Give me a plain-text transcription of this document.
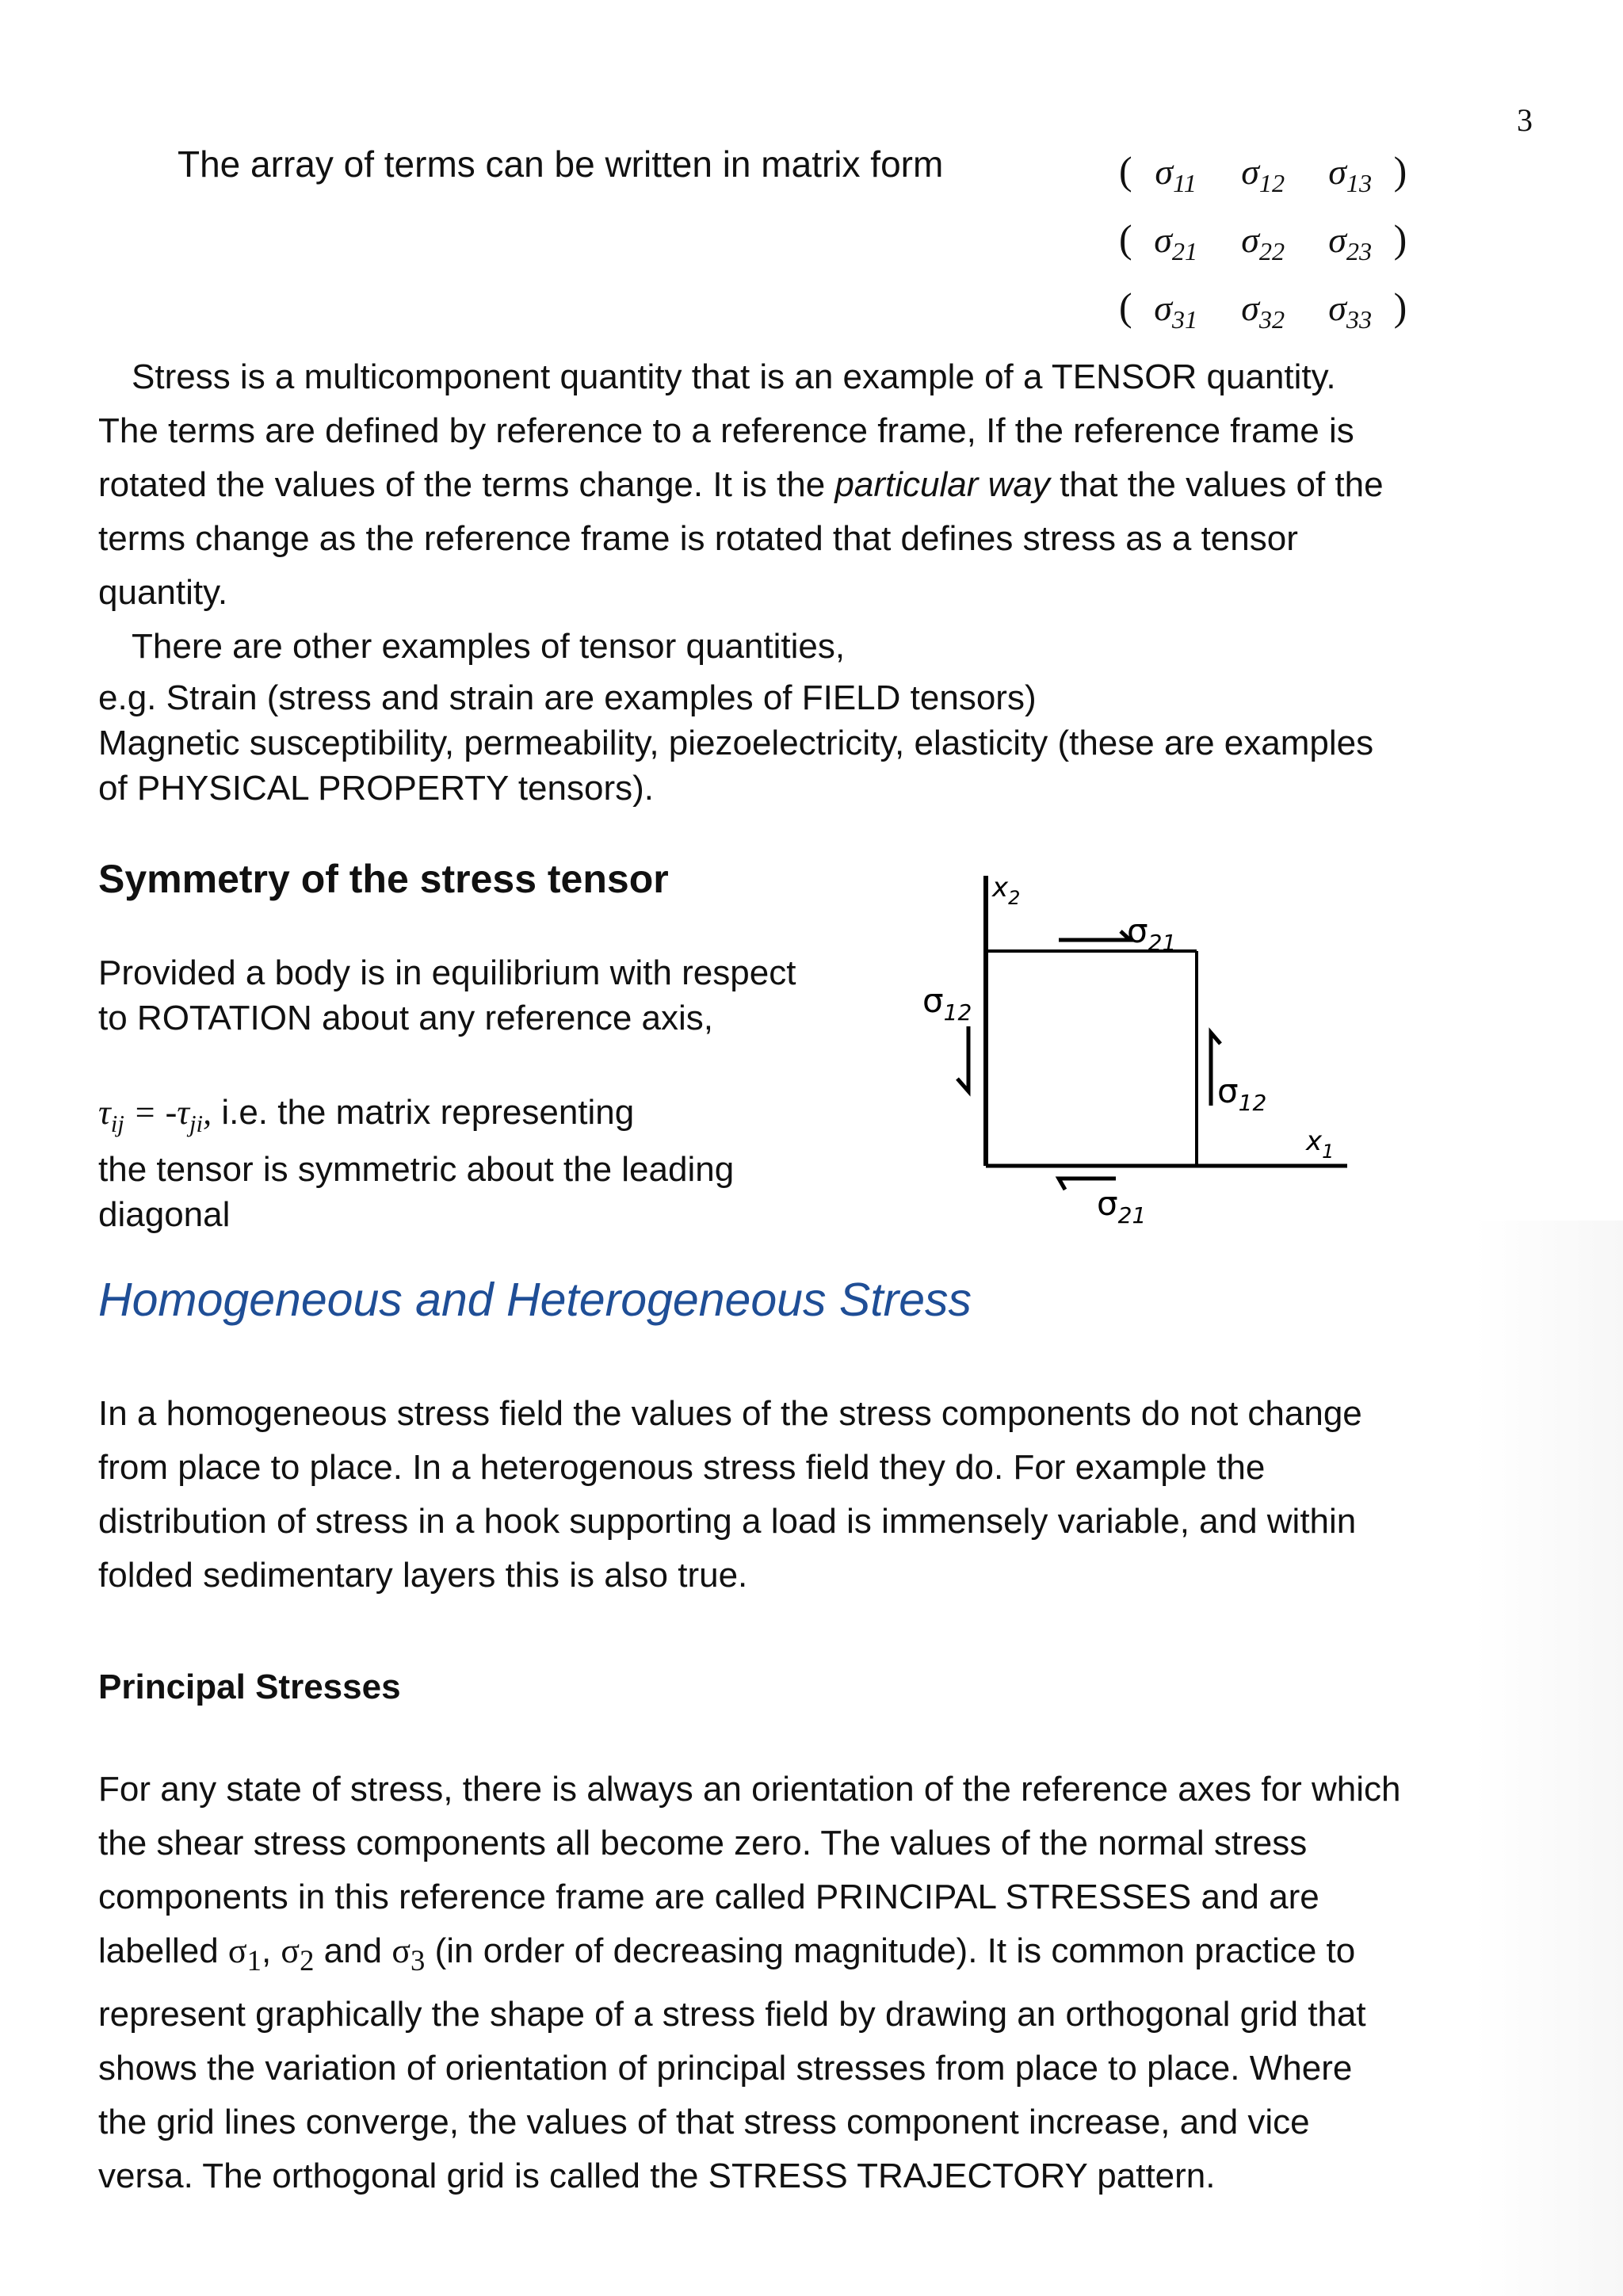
3
The array of terms can be written in matrix form	( $\sigma_{11}$ $\sigma_{12}$ $\sigma_{13}$ )
( $\sigma_{21}$ $\sigma_{22}$ $\sigma_{23}$ )
( $\sigma_{31}$ $\sigma_{32}$ $\sigma_{33}$ )
Stress is a multicomponent quantity that is an example of a TENSOR quantity.
The terms are defined by reference to a reference frame, If the reference frame is
rotated the values of the terms change. It is the particular way that the values of the
terms change as the reference frame is rotated that defines stress as a tensor
quantity.
There are other examples of tensor quantities,
e.g. Strain (stress and strain are examples of FIELD tensors)
Magnetic susceptibility, permeability, piezoelectricity, elasticity (these are examples
of PHYSICAL PROPERTY tensors).
Symmetry of the stress tensor
Provided a body is in equilibrium with respect
to ROTATION about any reference axis,
$\tau_{ij} = -\tau_{ji}$, i.e. the matrix representing
the tensor is symmetric about the leading
diagonal
$x_2$
$\sigma_{21}$
$\sigma_{12}$
$\sigma_{12}$
$x_1$
$\sigma_{21}$
Homogeneous and Heterogeneous Stress
In a homogeneous stress field the values of the stress components do not change
from place to place. In a heterogenous stress field they do. For example the
distribution of stress in a hook supporting a load is immensely variable, and within
folded sedimentary layers this is also true.
Principal Stresses
For any state of stress, there is always an orientation of the reference axes for which
the shear stress components all become zero. The values of the normal stress
components in this reference frame are called PRINCIPAL STRESSES and are
labelled $\sigma_1$, $\sigma_2$ and $\sigma_3$ (in order of decreasing magnitude). It is common practice to
represent graphically the shape of a stress field by drawing an orthogonal grid that
shows the variation of orientation of principal stresses from place to place. Where
the grid lines converge, the values of that stress component increase, and vice
versa. The orthogonal grid is called the STRESS TRAJECTORY pattern.
